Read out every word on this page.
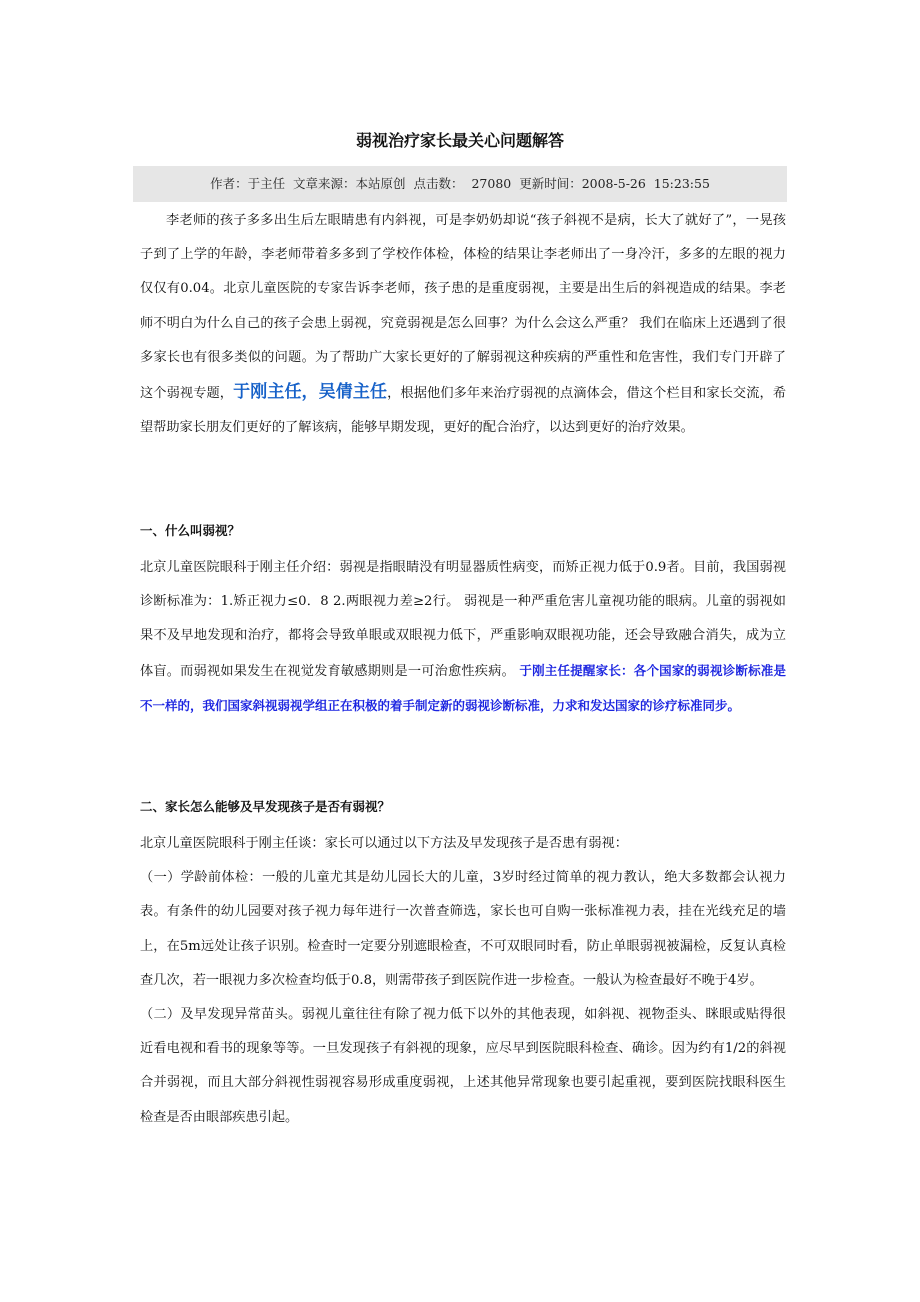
弱视治疗家长最关心问题解答
作者：于主任 文章来源：本站原创 点击数： 27080 更新时间：2008-5-26  15:23:55

李老师的孩子多多出生后左眼睛患有内斜视，可是李奶奶却说“孩子斜视不是病，长大了就好了”，一晃孩子到了上学的年龄，李老师带着多多到了学校作体检，体检的结果让李老师出了一身冷汗，多多的左眼的视力仅仅有0.04。北京儿童医院的专家告诉李老师，孩子患的是重度弱视，主要是出生后的斜视造成的结果。李老师不明白为什么自己的孩子会患上弱视，究竟弱视是怎么回事？为什么会这么严重？ 我们在临床上还遇到了很多家长也有很多类似的问题。为了帮助广大家长更好的了解弱视这种疾病的严重性和危害性，我们专门开辟了这个弱视专题，于刚主任，吴倩主任，根据他们多年来治疗弱视的点滴体会，借这个栏目和家长交流，希望帮助家长朋友们更好的了解该病，能够早期发现，更好的配合治疗，以达到更好的治疗效果。

一、什么叫弱视？

北京儿童医院眼科于刚主任介绍：弱视是指眼睛没有明显器质性病变，而矫正视力低于0.9者。目前，我国弱视诊断标准为：1.矫正视力≤0．8 2.两眼视力差≥2行。 弱视是一种严重危害儿童视功能的眼病。儿童的弱视如果不及早地发现和治疗，都将会导致单眼或双眼视力低下，严重影响双眼视功能，还会导致融合消失，成为立体盲。而弱视如果发生在视觉发育敏感期则是一可治愈性疾病。 于刚主任提醒家长：各个国家的弱视诊断标准是不一样的，我们国家斜视弱视学组正在积极的着手制定新的弱视诊断标准，力求和发达国家的诊疗标准同步。

二、家长怎么能够及早发现孩子是否有弱视？

北京儿童医院眼科于刚主任谈：家长可以通过以下方法及早发现孩子是否患有弱视：

（一）学龄前体检：一般的儿童尤其是幼儿园长大的儿童，3岁时经过简单的视力教认，绝大多数都会认视力表。有条件的幼儿园要对孩子视力每年进行一次普查筛选，家长也可自购一张标准视力表，挂在光线充足的墙上，在5m远处让孩子识别。检查时一定要分别遮眼检查，不可双眼同时看，防止单眼弱视被漏检，反复认真检查几次，若一眼视力多次检查均低于0.8，则需带孩子到医院作进一步检查。一般认为检查最好不晚于4岁。

（二）及早发现异常苗头。弱视儿童往往有除了视力低下以外的其他表现，如斜视、视物歪头、眯眼或贴得很近看电视和看书的现象等等。一旦发现孩子有斜视的现象，应尽早到医院眼科检查、确诊。因为约有1/2的斜视合并弱视，而且大部分斜视性弱视容易形成重度弱视，上述其他异常现象也要引起重视，要到医院找眼科医生检查是否由眼部疾患引起。
